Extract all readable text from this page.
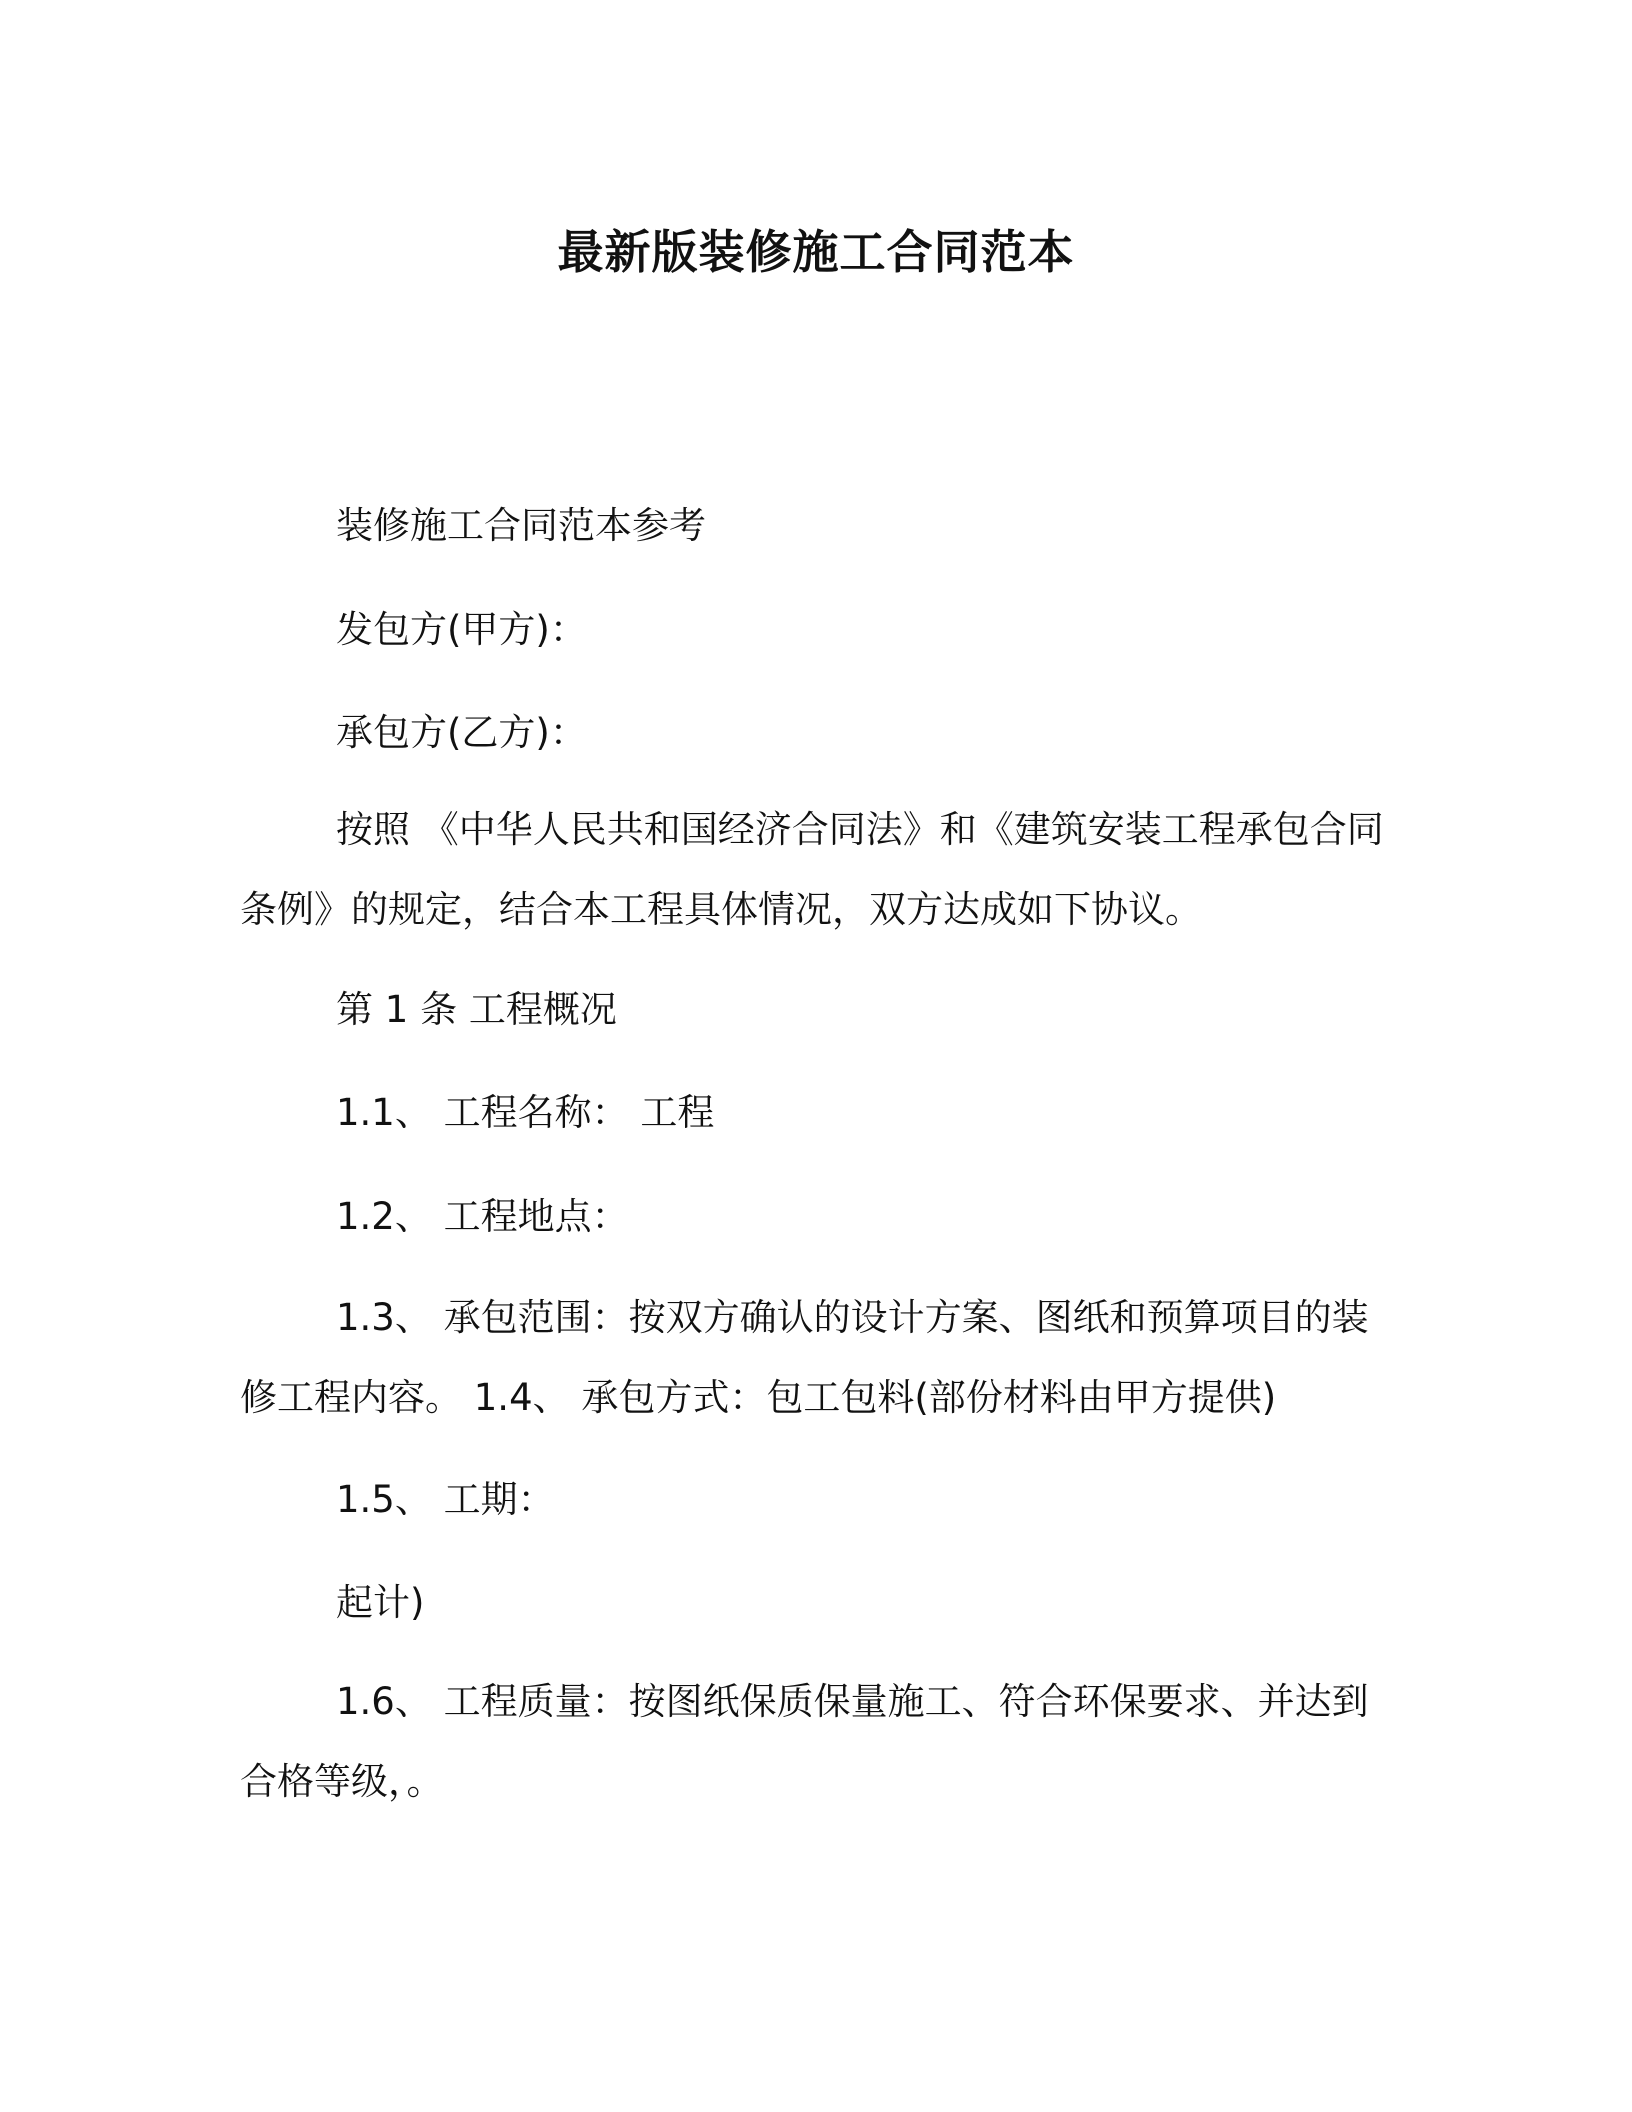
最新版装修施工合同范本

装修施工合同范本参考

发包方(甲方)：

承包方(乙方)：

按照 《中华人民共和国经济合同法》和《建筑安装工程承包合同条例》的规定，结合本工程具体情况，双方达成如下协议。

第 1 条 工程概况

1.1、 工程名称： 工程

1.2、 工程地点：

1.3、 承包范围：按双方确认的设计方案、图纸和预算项目的装修工程内容。 1.4、 承包方式：包工包料(部份材料由甲方提供)

1.5、 工期：

起计)

1.6、 工程质量：按图纸保质保量施工、符合环保要求、并达到合格等级，。
